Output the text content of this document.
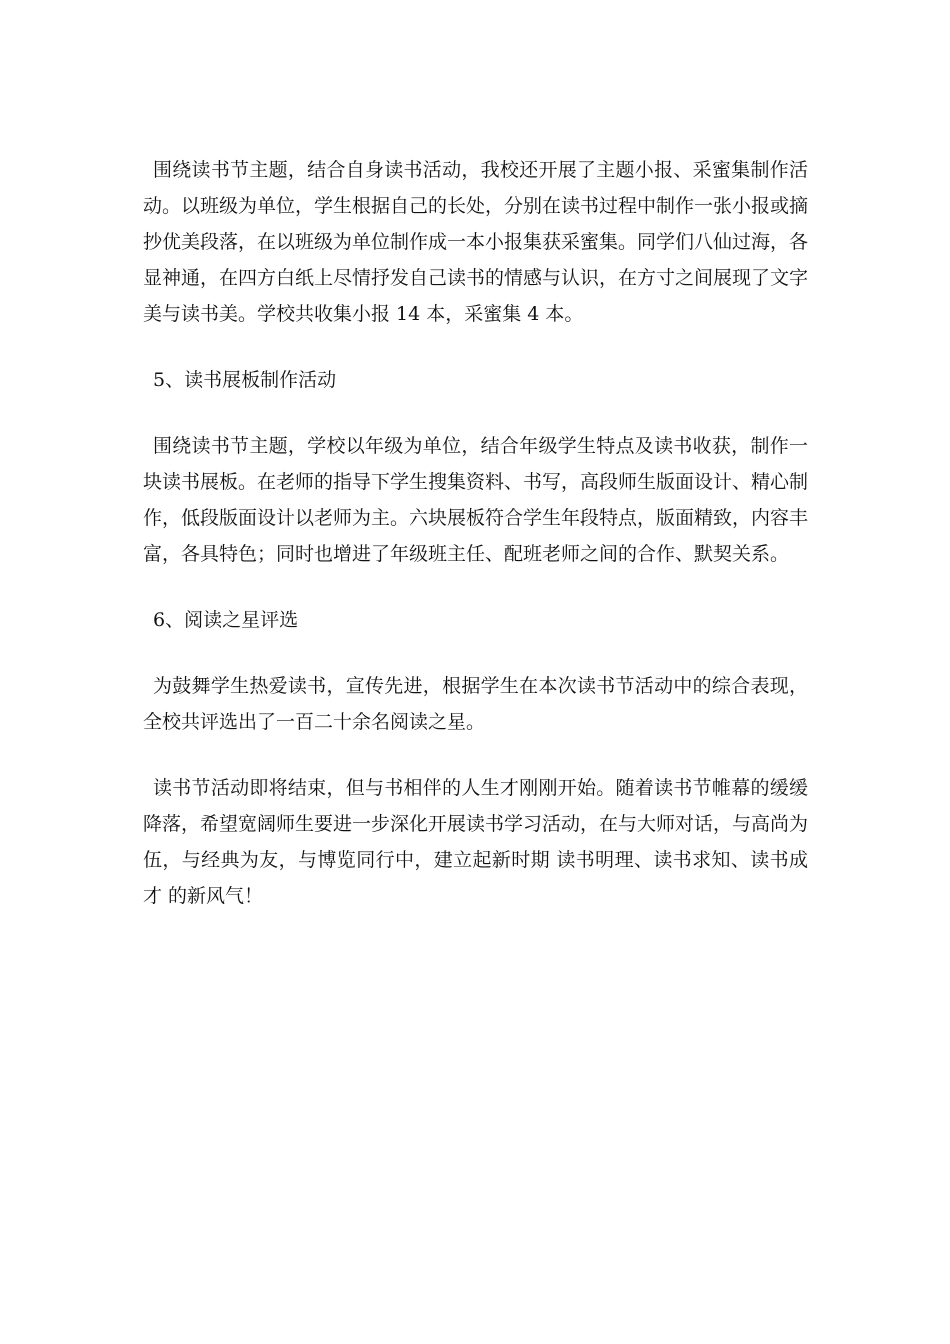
围绕读书节主题，结合自身读书活动，我校还开展了主题小报、采蜜集制作活动。以班级为单位，学生根据自己的长处，分别在读书过程中制作一张小报或摘抄优美段落，在以班级为单位制作成一本小报集获采蜜集。同学们八仙过海，各显神通，在四方白纸上尽情抒发自己读书的情感与认识，在方寸之间展现了文字美与读书美。学校共收集小报 14 本，采蜜集 4 本。

5、读书展板制作活动

围绕读书节主题，学校以年级为单位，结合年级学生特点及读书收获，制作一块读书展板。在老师的指导下学生搜集资料、书写，高段师生版面设计、精心制作，低段版面设计以老师为主。六块展板符合学生年段特点，版面精致，内容丰富，各具特色；同时也增进了年级班主任、配班老师之间的合作、默契关系。

6、阅读之星评选

为鼓舞学生热爱读书，宣传先进，根据学生在本次读书节活动中的综合表现，全校共评选出了一百二十余名阅读之星。

读书节活动即将结束，但与书相伴的人生才刚刚开始。随着读书节帷幕的缓缓降落，希望宽阔师生要进一步深化开展读书学习活动，在与大师对话，与高尚为伍，与经典为友，与博览同行中，建立起新时期 读书明理、读书求知、读书成才 的新风气！
